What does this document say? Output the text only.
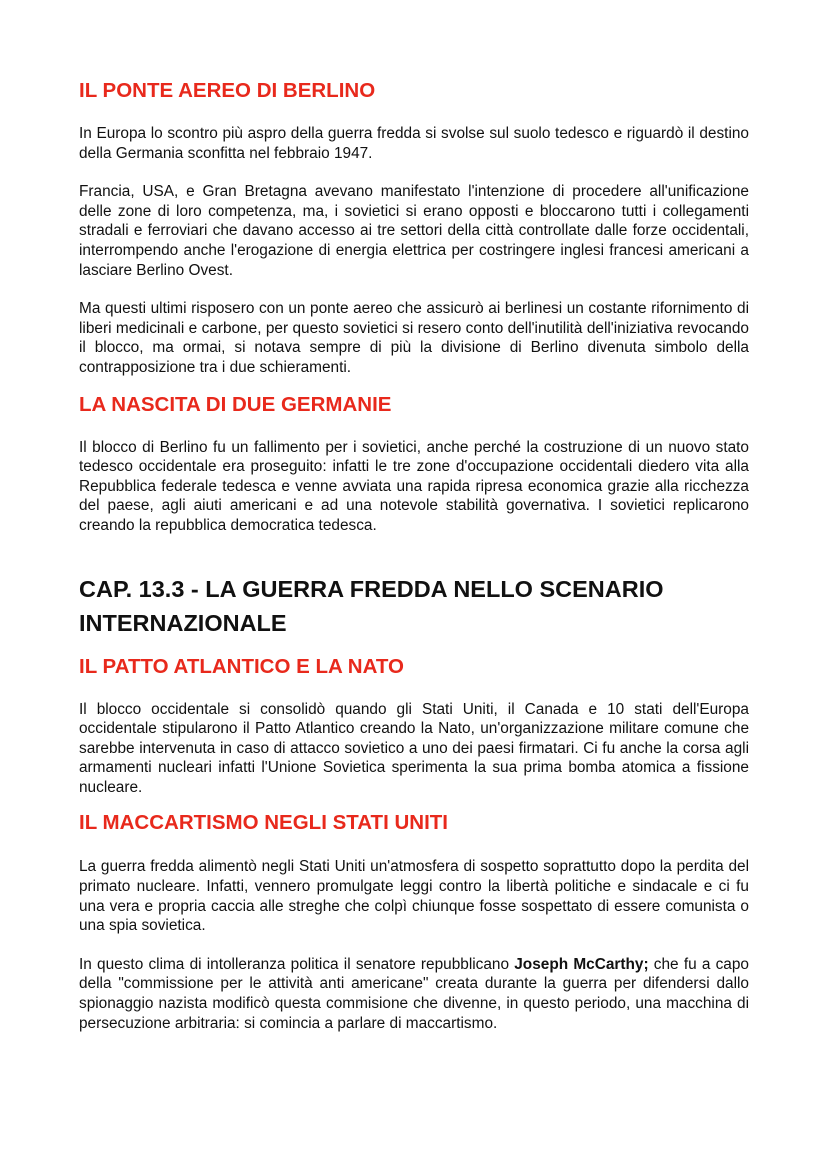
IL PONTE AEREO DI BERLINO

In Europa lo scontro più aspro della guerra fredda si svolse sul suolo tedesco e riguardò il destino della Germania sconfitta nel febbraio 1947.

Francia, USA, e Gran Bretagna avevano manifestato l'intenzione di procedere all'unificazione delle zone di loro competenza, ma, i sovietici si erano opposti e bloccarono tutti i collegamenti stradali e ferroviari che davano accesso ai tre settori della città controllate dalle forze occidentali, interrompendo anche l'erogazione di energia elettrica per costringere inglesi francesi americani a lasciare Berlino Ovest.

Ma questi ultimi risposero con un ponte aereo che assicurò ai berlinesi un costante rifornimento di liberi medicinali e carbone, per questo sovietici si resero conto dell'inutilità dell'iniziativa revocando il blocco, ma ormai, si notava sempre di più la divisione di Berlino divenuta simbolo della contrapposizione tra i due schieramenti.

LA NASCITA DI DUE GERMANIE

Il blocco di Berlino fu un fallimento per i sovietici, anche perché la costruzione di un nuovo stato tedesco occidentale era proseguito: infatti le tre zone d'occupazione occidentali diedero vita alla Repubblica federale tedesca e venne avviata una rapida ripresa economica grazie alla ricchezza del paese, agli aiuti americani e ad una notevole stabilità governativa. I sovietici replicarono creando la repubblica democratica tedesca.

CAP. 13.3 - LA GUERRA FREDDA NELLO SCENARIO INTERNAZIONALE
IL PATTO ATLANTICO E LA NATO

Il blocco occidentale si consolidò quando gli Stati Uniti, il Canada e 10 stati dell'Europa occidentale stipularono il Patto Atlantico creando la Nato, un'organizzazione militare comune che sarebbe intervenuta in caso di attacco sovietico a uno dei paesi firmatari. Ci fu anche la corsa agli armamenti nucleari infatti l'Unione Sovietica sperimenta la sua prima bomba atomica a fissione nucleare.

IL MACCARTISMO NEGLI STATI UNITI

La guerra fredda alimentò negli Stati Uniti un'atmosfera di sospetto soprattutto dopo la perdita del primato nucleare. Infatti, vennero promulgate leggi contro la libertà politiche e sindacale e ci fu una vera e propria caccia alle streghe che colpì chiunque fosse sospettato di essere comunista o una spia sovietica.

In questo clima di intolleranza politica il senatore repubblicano Joseph McCarthy; che fu a capo della "commissione per le attività anti americane" creata durante la guerra per difendersi dallo spionaggio nazista modificò questa commisione che divenne, in questo periodo, una macchina di persecuzione arbitraria: si comincia a parlare di maccartismo.
